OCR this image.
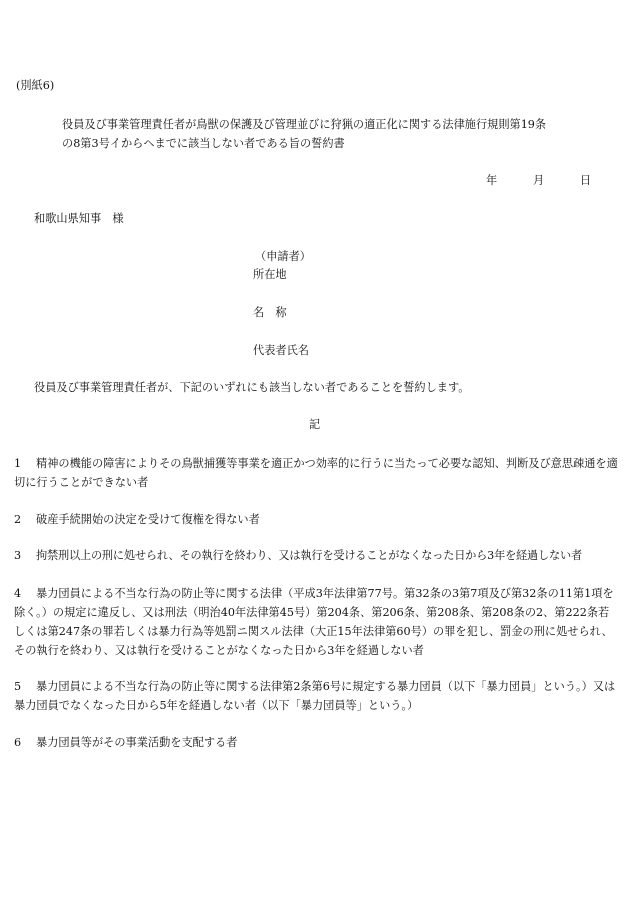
(別紙6)
役員及び事業管理責任者が鳥獣の保護及び管理並びに狩猟の適正化に関する法律施行規則第19条
の8第3号イからヘまでに該当しない者である旨の誓約書
年	月	日
和歌山県知事　様
（申請者）
所在地
名　称
代表者氏名
役員及び事業管理責任者が、下記のいずれにも該当しない者であることを誓約します。
記
1	精神の機能の障害によりその鳥獣捕獲等事業を適正かつ効率的に行うに当たって必要な認知、判断及び意思疎通を適切に行うことができない者
2	破産手続開始の決定を受けて復権を得ない者
3	拘禁刑以上の刑に処せられ、その執行を終わり、又は執行を受けることがなくなった日から3年を経過しない者
4	暴力団員による不当な行為の防止等に関する法律（平成3年法律第77号。第32条の3第7項及び第32条の11第1項を除く。）の規定に違反し、又は刑法（明治40年法律第45号）第204条、第206条、第208条、第208条の2、第222条若しくは第247条の罪若しくは暴力行為等処罰ニ関スル法律（大正15年法律第60号）の罪を犯し、罰金の刑に処せられ、その執行を終わり、又は執行を受けることがなくなった日から3年を経過しない者
5	暴力団員による不当な行為の防止等に関する法律第2条第6号に規定する暴力団員（以下「暴力団員」という。）又は暴力団員でなくなった日から5年を経過しない者（以下「暴力団員等」という。）
6	暴力団員等がその事業活動を支配する者
